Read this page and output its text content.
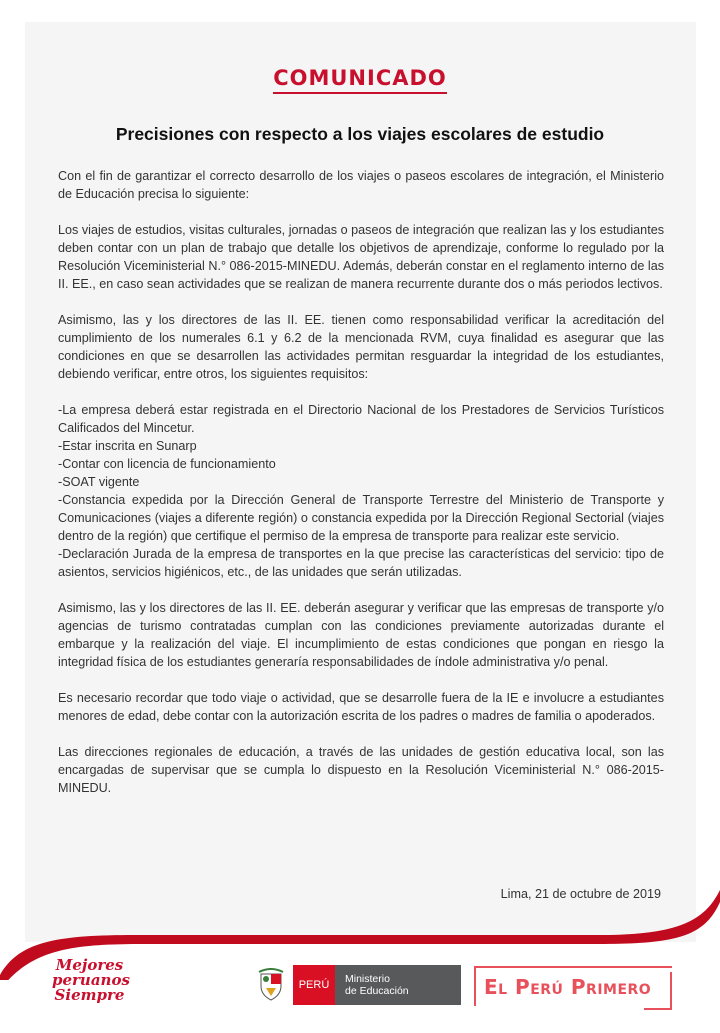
COMUNICADO
Precisiones con respecto a los viajes escolares de estudio

Con el fin de garantizar el correcto desarrollo de los viajes o paseos escolares de integración, el Ministerio de Educación precisa lo siguiente:

Los viajes de estudios, visitas culturales, jornadas o paseos de integración que realizan las y los estudiantes deben contar con un plan de trabajo que detalle los objetivos de aprendizaje, conforme lo regulado por la Resolución Viceministerial N.° 086-2015-MINEDU. Además, deberán constar en el reglamento interno de las II. EE., en caso sean actividades que se realizan de manera recurrente durante dos o más periodos lectivos.

Asimismo, las y los directores de las II. EE. tienen como responsabilidad verificar la acreditación del cumplimiento de los numerales 6.1 y 6.2 de la mencionada RVM, cuya finalidad es asegurar que las condiciones en que se desarrollen las actividades permitan resguardar la integridad de los estudiantes, debiendo verificar, entre otros, los siguientes requisitos:

-La empresa deberá estar registrada en el Directorio Nacional de los Prestadores de Servicios Turísticos Calificados del Mincetur.
-Estar inscrita en Sunarp
-Contar con licencia de funcionamiento
-SOAT vigente
-Constancia expedida por la Dirección General de Transporte Terrestre del Ministerio de Transporte y Comunicaciones (viajes a diferente región) o constancia expedida por la Dirección Regional Sectorial (viajes dentro de la región) que certifique el permiso de la empresa de transporte para realizar este servicio.
-Declaración Jurada de la empresa de transportes en la que precise las características del servicio: tipo de asientos, servicios higiénicos, etc., de las unidades que serán utilizadas.

Asimismo, las y los directores de las II. EE. deberán asegurar y verificar que las empresas de transporte y/o agencias de turismo contratadas cumplan con las condiciones previamente autorizadas durante el embarque y la realización del viaje. El incumplimiento de estas condiciones que pongan en riesgo la integridad física de los estudiantes generaría responsabilidades de índole administrativa y/o penal.

Es necesario recordar que todo viaje o actividad, que se desarrolle fuera de la IE e involucre a estudiantes menores de edad, debe contar con la autorización escrita de los padres o madres de familia o apoderados.

Las direcciones regionales de educación, a través de las unidades de gestión educativa local, son las encargadas de supervisar que se cumpla lo dispuesto en la Resolución Viceministerial N.° 086-2015-MINEDU.

Lima, 21 de octubre de 2019
Mejores
peruanos
Siempre
PERÚ	Ministerio
de Educación	El Perú Primero
